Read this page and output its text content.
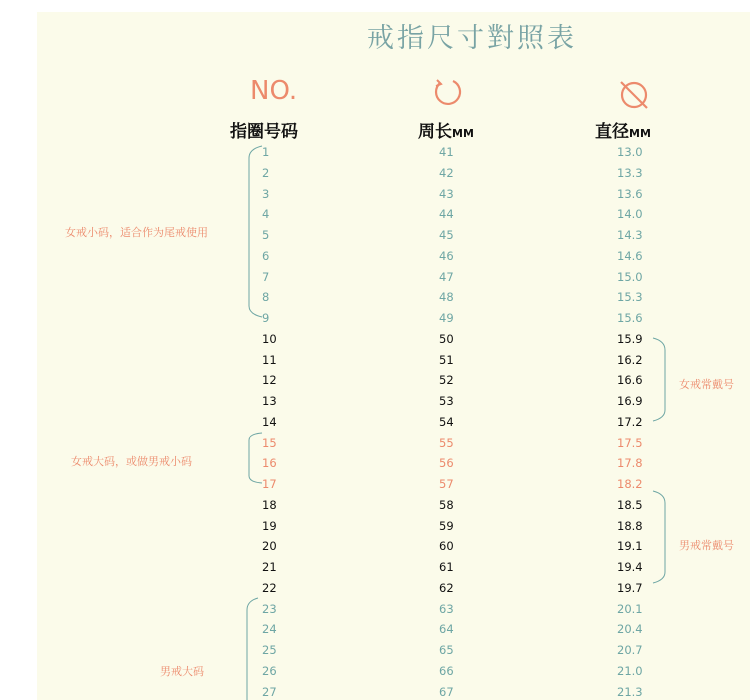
戒指尺寸對照表
NO.
指圈号码	周长MM	直径MM
1	41	13.0
2	42	13.3
3	43	13.6
4	44	14.0
5	45	14.3
6	46	14.6
7	47	15.0
8	48	15.3
9	49	15.6
10	50	15.9
11	51	16.2
12	52	16.6
13	53	16.9
14	54	17.2
15	55	17.5
16	56	17.8
17	57	18.2
18	58	18.5
19	59	18.8
20	60	19.1
21	61	19.4
22	62	19.7
23	63	20.1
24	64	20.4
25	65	20.7
26	66	21.0
27	67	21.3
女戒小码，适合作为尾戒使用
女戒大码，或做男戒小码
男戒大码
女戒常戴号
男戒常戴号
